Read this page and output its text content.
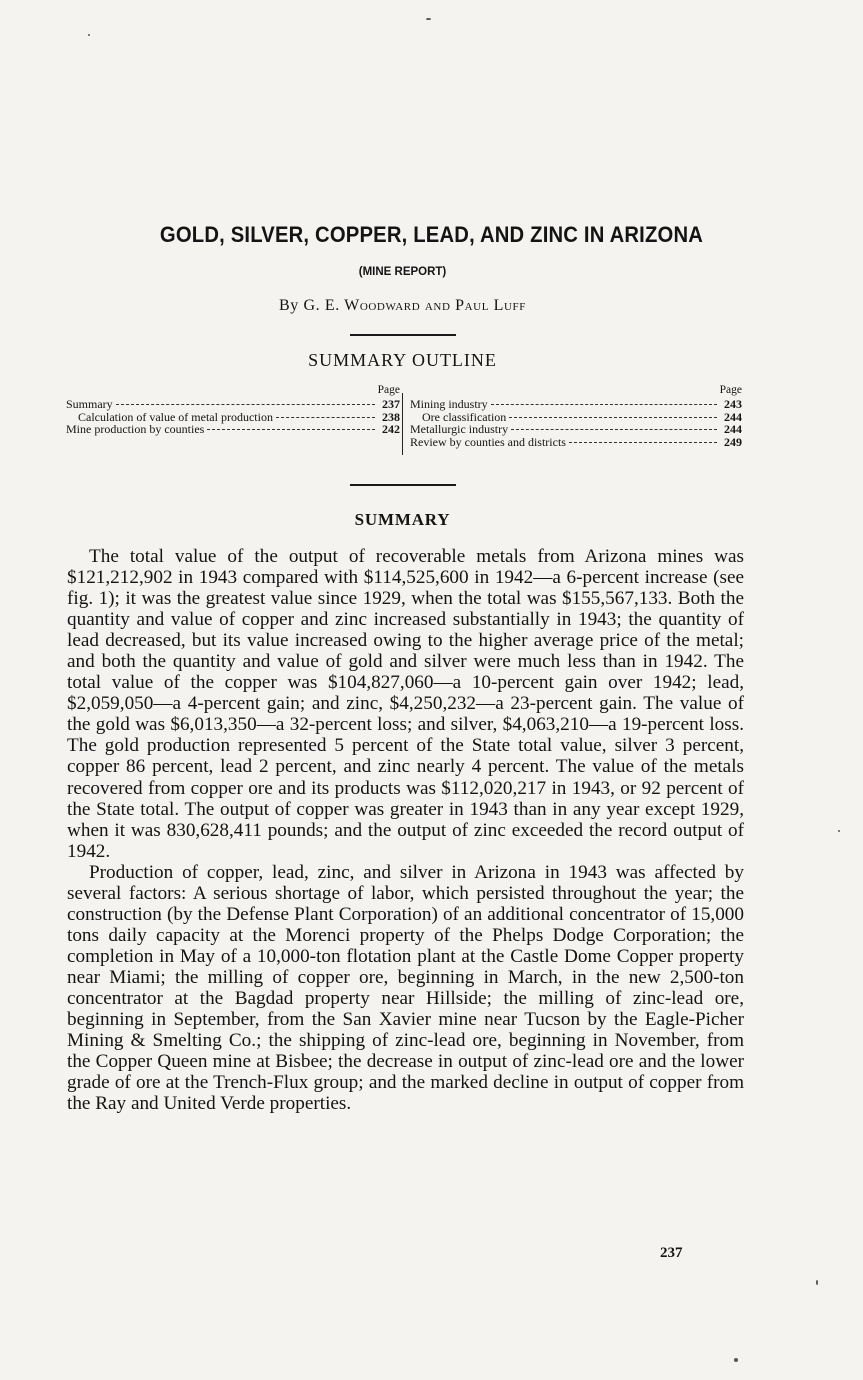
GOLD, SILVER, COPPER, LEAD, AND ZINC IN ARIZONA
(MINE REPORT)
By G. E. Woodward and Paul Luff
SUMMARY OUTLINE
Page
Summary	237
Calculation of value of metal production	238
Mine production by counties	242
Page
Mining industry	243
Ore classification	244
Metallurgic industry	244
Review by counties and districts	249
SUMMARY

The total value of the output of recoverable metals from Arizona mines was $121,212,902 in 1943 compared with $114,525,600 in 1942—a 6-percent increase (see fig. 1); it was the greatest value since 1929, when the total was $155,567,133. Both the quantity and value of copper and zinc increased substantially in 1943; the quantity of lead decreased, but its value increased owing to the higher average price of the metal; and both the quantity and value of gold and silver were much less than in 1942. The total value of the copper was $104,827,060—a 10-percent gain over 1942; lead, $2,059,050—a 4-percent gain; and zinc, $4,250,232—a 23-percent gain. The value of the gold was $6,013,350—a 32-percent loss; and silver, $4,063,210—a 19-percent loss. The gold production represented 5 percent of the State total value, silver 3 percent, copper 86 percent, lead 2 percent, and zinc nearly 4 percent. The value of the metals recovered from copper ore and its products was $112,020,217 in 1943, or 92 percent of the State total. The output of copper was greater in 1943 than in any year except 1929, when it was 830,628,411 pounds; and the output of zinc exceeded the record output of 1942.

Production of copper, lead, zinc, and silver in Arizona in 1943 was affected by several factors: A serious shortage of labor, which persisted throughout the year; the construction (by the Defense Plant Corporation) of an additional concentrator of 15,000 tons daily capacity at the Morenci property of the Phelps Dodge Corporation; the completion in May of a 10,000-ton flotation plant at the Castle Dome Copper property near Miami; the milling of copper ore, beginning in March, in the new 2,500-ton concentrator at the Bagdad property near Hillside; the milling of zinc-lead ore, beginning in September, from the San Xavier mine near Tucson by the Eagle-Picher Mining & Smelting Co.; the shipping of zinc-lead ore, beginning in November, from the Copper Queen mine at Bisbee; the decrease in output of zinc-lead ore and the lower grade of ore at the Trench-Flux group; and the marked decline in output of copper from the Ray and United Verde properties.

237
